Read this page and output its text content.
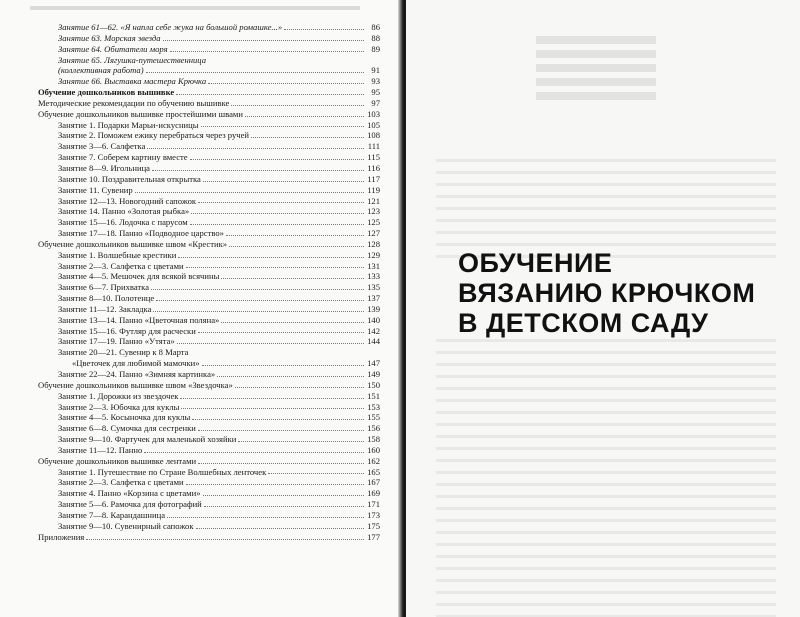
Занятие 61—62. «Я напла себе жука на большой ромашке...»	86
Занятие 63. Морская звезда	88
Занятие 64. Обитатели моря	89
Занятие 65. Лягушка-путешественница
(коллективная работа)	91
Занятие 66. Выставка мастера Крючка	93
Обучение дошкольников вышивке	95
Методические рекомендации по обучению вышивке	97
Обучение дошкольников вышивке простейшими швами	103
Занятие 1. Подарки Марьи-искусницы	105
Занятие 2. Поможем ежику перебраться через ручей	108
Занятие 3—6. Салфетка	111
Занятие 7. Соберем картину вместе	115
Занятие 8—9. Игольница	116
Занятие 10. Поздравительная открытка	117
Занятие 11. Сувенир	119
Занятие 12—13. Новогодний сапожок	121
Занятие 14. Панно «Золотая рыбка»	123
Занятие 15—16. Лодочка с парусом	125
Занятие 17—18. Панно «Подводное царство»	127
Обучение дошкольников вышивке швом «Крестик»	128
Занятие 1. Волшебные крестики	129
Занятие 2—3. Салфетка с цветами	131
Занятие 4—5. Мешочек для всякой всячины	133
Занятие 6—7. Прихватка	135
Занятие 8—10. Полотенце	137
Занятие 11—12. Закладка	139
Занятие 13—14. Панно «Цветочная поляна»	140
Занятие 15—16. Футляр для расчески	142
Занятие 17—19. Панно «Утята»	144
Занятие 20—21. Сувенир к 8 Марта
«Цветочек для любимой мамочки»	147
Занятие 22—24. Панно «Зимняя картинка»	149
Обучение дошкольников вышивке швом «Звездочка»	150
Занятие 1. Дорожки из звездочек	151
Занятие 2—3. Юбочка для куклы	153
Занятие 4—5. Косыночка для куклы	155
Занятие 6—8. Сумочка для сестренки	156
Занятие 9—10. Фартучек для маленькой хозяйки	158
Занятие 11—12. Панно	160
Обучение дошкольников вышивке лентами	162
Занятие 1. Путешествие по Стране Волшебных ленточек	165
Занятие 2—3. Салфетка с цветами	167
Занятие 4. Панно «Корзина с цветами»	169
Занятие 5—6. Рамочка для фотографий	171
Занятие 7—8. Карандашница	173
Занятие 9—10. Сувенирный сапожок	175
Приложения	177
ОБУЧЕНИЕ
ВЯЗАНИЮ КРЮЧКОМ
В ДЕТСКОМ САДУ
